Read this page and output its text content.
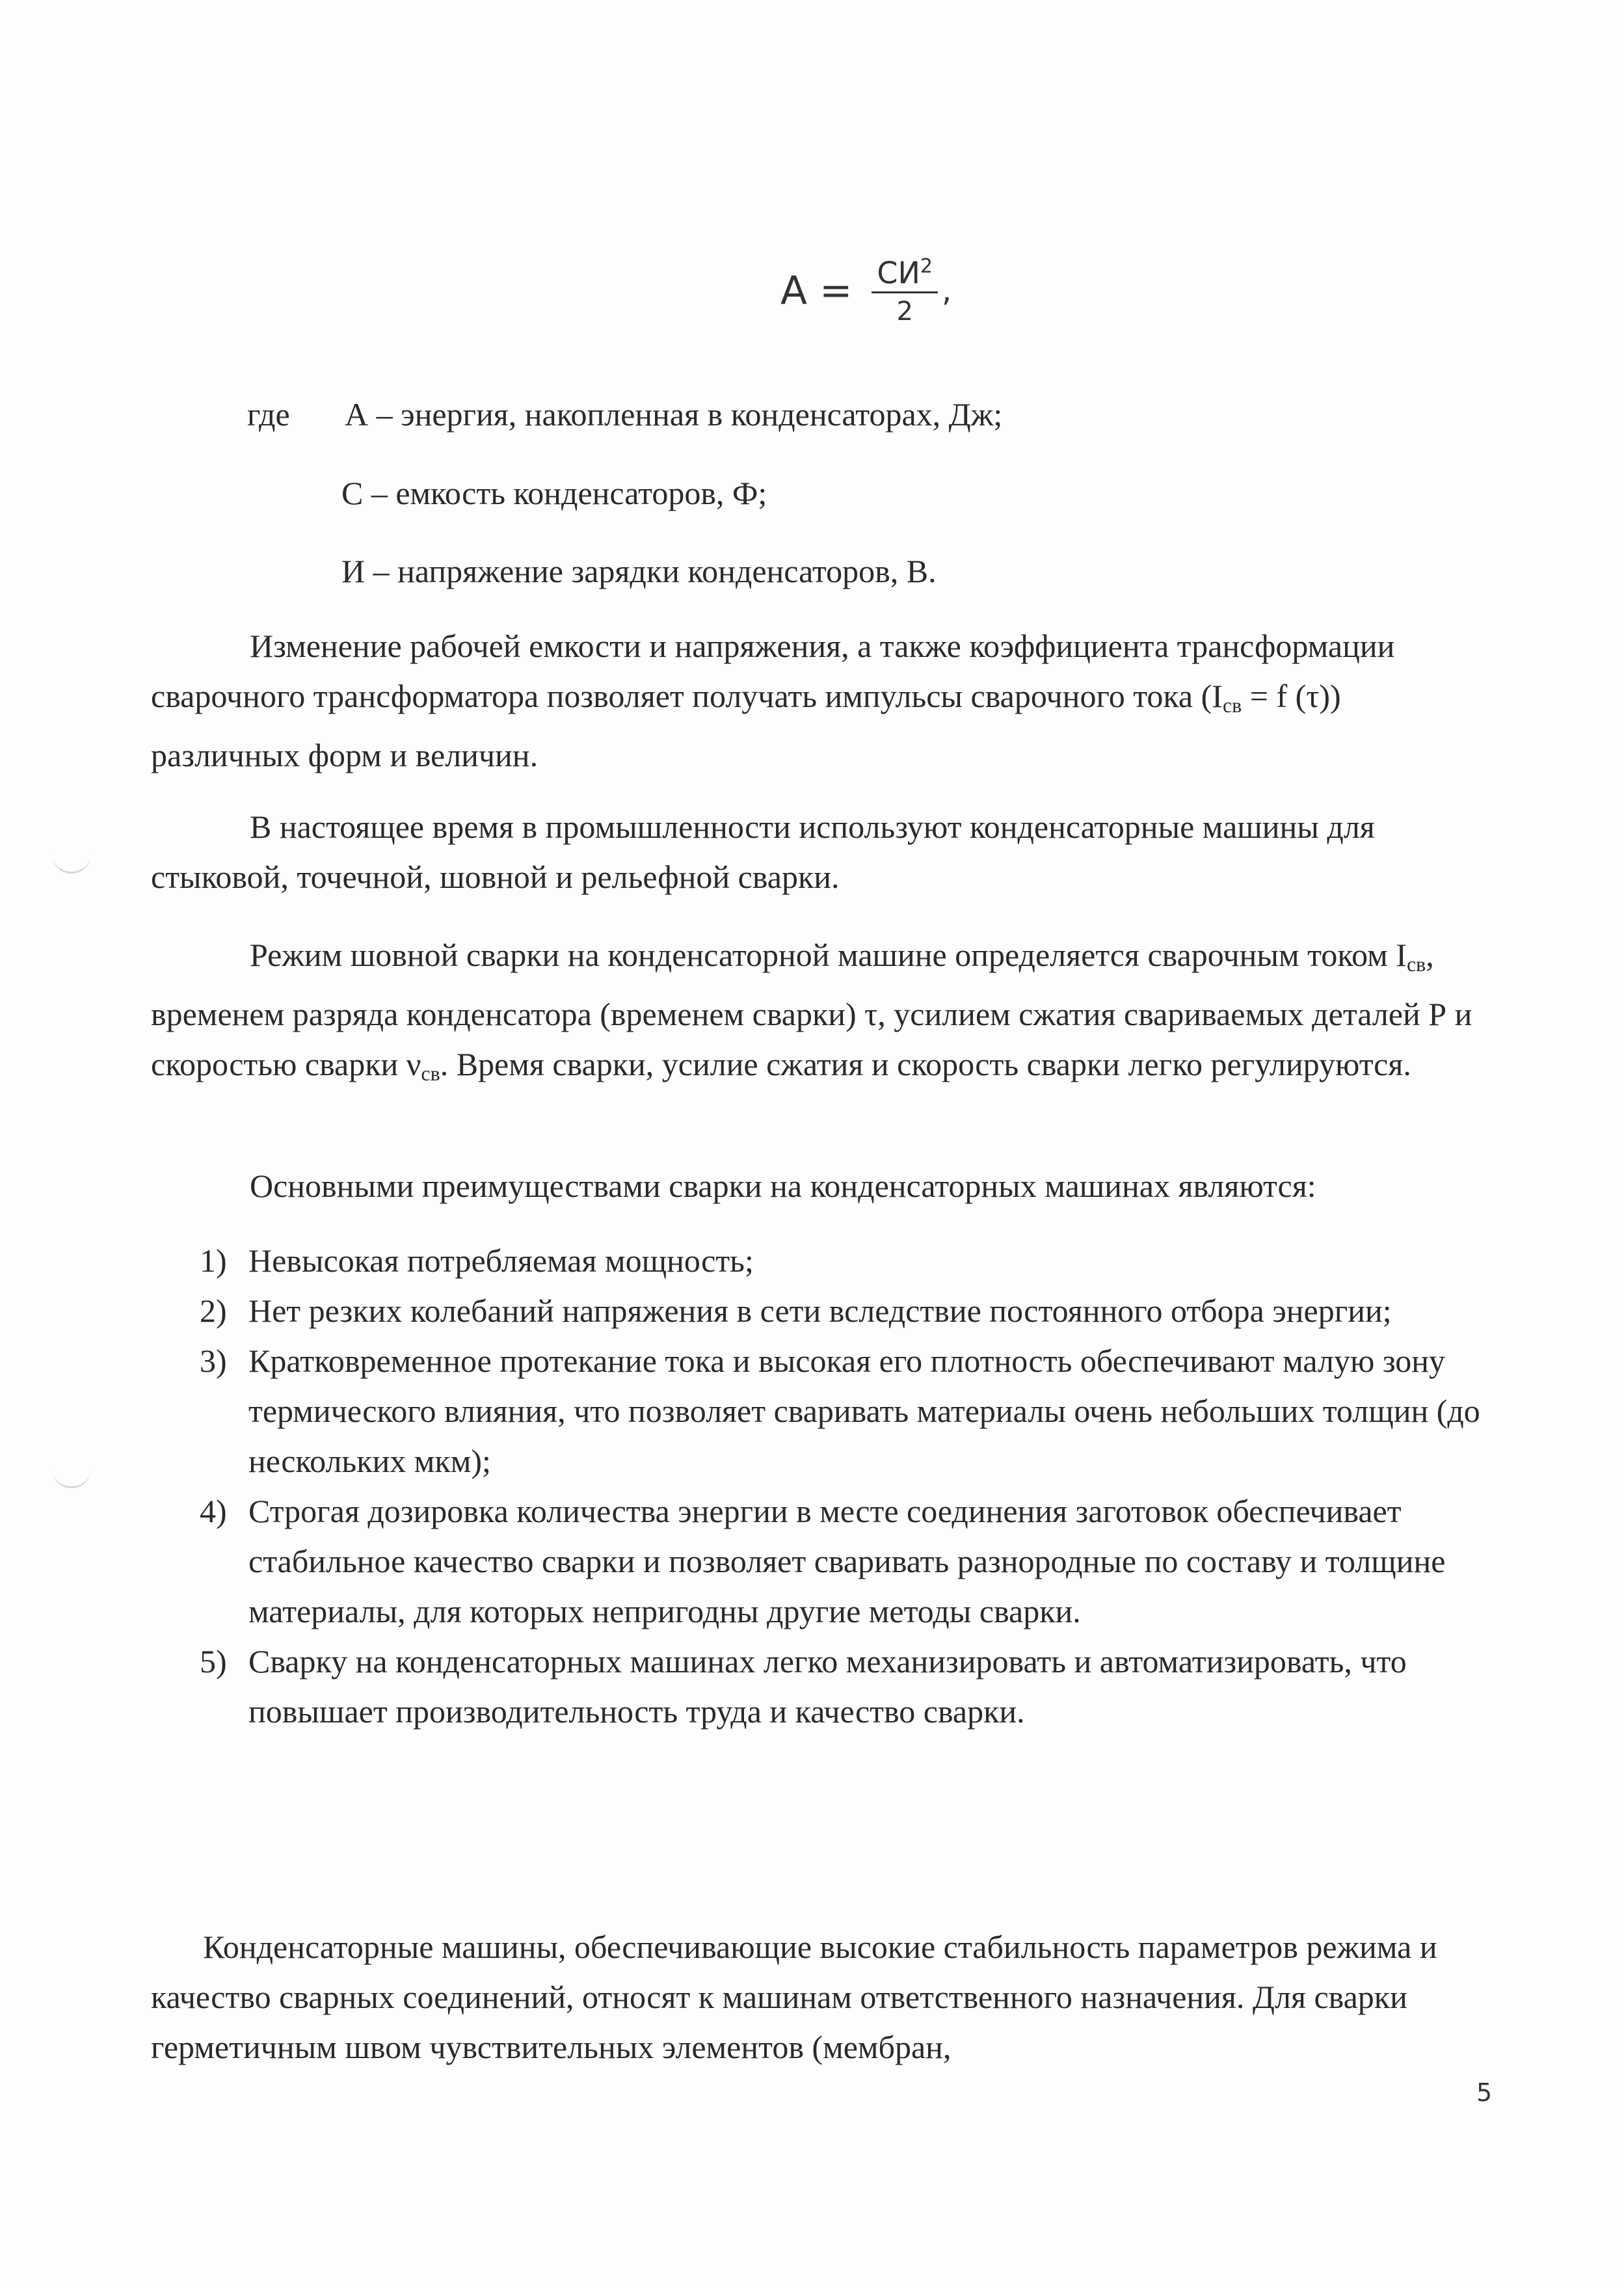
$А = \frac{СИ^2}{2}$ ,
где А – энергия, накопленная в конденсаторах, Дж;
С – емкость конденсаторов, Ф;
И – напряжение зарядки конденсаторов, В.
Изменение рабочей емкости и напряжения, а также коэффициента трансформации сварочного трансформатора позволяет получать импульсы сварочного тока ($I_{св} = f$ (τ)) различных форм и величин.
В настоящее время в промышленности используют конденсаторные машины для стыковой, точечной, шовной и рельефной сварки.
Режим шовной сварки на конденсаторной машине определяется сварочным током $I_{св}$, временем разряда конденсатора (временем сварки) τ, усилием сжатия свариваемых деталей Р и скоростью сварки $\nu_{св}$. Время сварки, усилие сжатия и скорость сварки легко регулируются.
Основными преимуществами сварки на конденсаторных машинах являются:
1) Невысокая потребляемая мощность;
2) Нет резких колебаний напряжения в сети вследствие постоянного отбора энергии;
3) Кратковременное протекание тока и высокая его плотность обеспечивают малую зону термического влияния, что позволяет сваривать материалы очень небольших толщин (до нескольких мкм);
4) Строгая дозировка количества энергии в месте соединения заготовок обеспечивает стабильное качество сварки и позволяет сваривать разнородные по составу и толщине материалы, для которых непригодны другие методы сварки.
5) Сварку на конденсаторных машинах легко механизировать и автоматизировать, что повышает производительность труда и качество сварки.
Конденсаторные машины, обеспечивающие высокие стабильность параметров режима и качество сварных соединений, относят к машинам ответственного назначения. Для сварки герметичным швом чувствительных элементов (мембран,
5
